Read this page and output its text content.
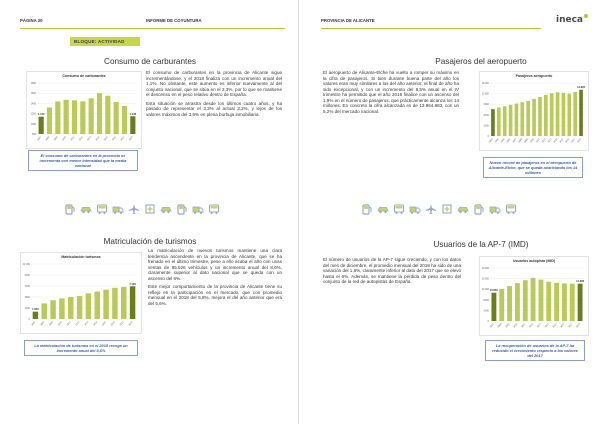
PÁGINA 20	INFORME DE COYUNTURA
BLOQUE: ACTIVIDAD
Consumo de carburantes
Consumo de carburantes
800
1000
1200
1400
1600
1800
2007 2008 2009 2010 2011 2012 2013 2014 2015 2016 2017 2018
1.140	1.148

El consumo de carburantes en la provincia de Alicante sigue incrementándose, y el 2018 finaliza con un incremento anual del 1,1%. No obstante, este aumento es inferior nuevamente al del conjunto nacional, que se sitúa en el 2,3%, por lo que se mantiene el descenso en el peso relativo dentro de España.

Esta situación se arrastra desde los últimos cuatro años, y ha pasado de representar el 3,3% al actual 3,2%, y lejos de los valores máximos del 3,6% en plena burbuja inmobiliaria.

El consumo de carburantes en la provincia se incrementa con menor intensidad que la media nacional
Matriculación de turismos
Matriculación turismos
0
2400
4800
7200
9600
12.000
2007 2008 2009 2010 2011 2012 2013 2014 2015 2016 2017 2018
1.603
7.129

La matriculación de nuevos turismos mantiene una clara tendencia ascendente en la provincia de Alicante, que se ha frenado en el último trimestre, pese a ello acaba el año con unas ventas de 85.526 vehículos y un incremento anual del 8,6%, claramente superior al dato nacional que se queda con un ascenso del 6%.

Este mejor comportamiento de la provincia de Alicante tiene su reflejo en la participación en el mercado, que con promedio mensual en el 2018 del 5,8%, mejora el del año anterior que era del 5,6%.

La matriculación de turismos en el 2018 recoge un incremento anual del 8,6%
PROVINCIA DE ALICANTE	ineca
Pasajeros del aeropuerto

El aeropuerto de Alicante-Elche ha vuelto a romper su máximo en la cifra de pasajeros. Si bien durante buena parte del año los valores eran muy similares a los del año anterior, el final de año ha sido excepcional, y con un incremento del 8,5% anual en el IV trimestre ha permitido que el año 2018 finalice con un ascenso del 1,9% en el número de pasajeros, que prácticamente alcanza los 14 millones. En concreto la cifra alcanzada es de 13.964.983, con un 5,2% del mercado nacional.

Pasajeros aeropuerto
0
3200
6400
9600
12.800
16.000
2003 2004 2005 2006 2007 2008 2009 2010 2011 2012 2013 2014 2015 2016 2017 2018
13.965
Nuevo récord de pasajeros en el aeropuerto de Alicante-Elche, que se queda acariciando los 14 millones
Usuarios de la AP-7 (IMD)

El número de usuarios de la AP-7 sigue creciendo, y con los datos del mes de diciembre, el promedio mensual del 2018 ha sido de una variación del 1,8%, claramente inferior al dato del 2017 que se elevó hasta el 6%. Además, se mantiene la pérdida de peso dentro del conjunto de la red de autopistas de España.

Usuarios autopista (IMD)
0
4000
8000
12.000
16.000
20.000
2007 2008 2009 2010 2011 2012 2013 2014 2015 2016 2017 2018
10.681
14.086
La recuperación de usuarios de la AP-7 ha reducido el crecimiento respecto a los valores del 2017
